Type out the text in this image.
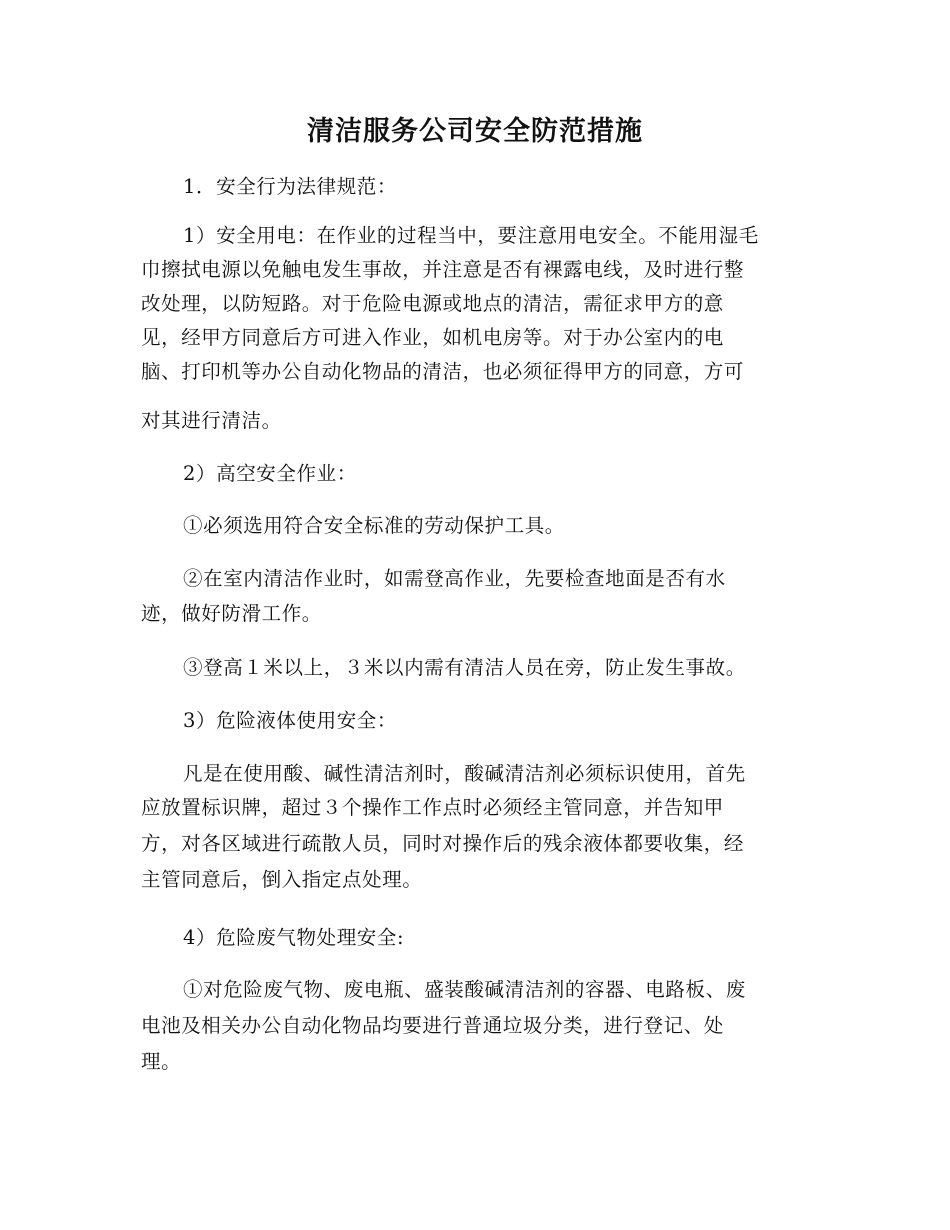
清洁服务公司安全防范措施

1．安全行为法律规范：

1）安全用电：在作业的过程当中，要注意用电安全。不能用湿毛

巾擦拭电源以免触电发生事故，并注意是否有裸露电线，及时进行整

改处理，以防短路。对于危险电源或地点的清洁，需征求甲方的意

见，经甲方同意后方可进入作业，如机电房等。对于办公室内的电

脑、打印机等办公自动化物品的清洁，也必须征得甲方的同意，方可

对其进行清洁。

2）高空安全作业：

①必须选用符合安全标准的劳动保护工具。

②在室内清洁作业时，如需登高作业，先要检查地面是否有水

迹，做好防滑工作。

③登高１米以上，３米以内需有清洁人员在旁，防止发生事故。

3）危险液体使用安全：

凡是在使用酸、碱性清洁剂时，酸碱清洁剂必须标识使用，首先

应放置标识牌，超过３个操作工作点时必须经主管同意，并告知甲

方，对各区域进行疏散人员，同时对操作后的残余液体都要收集，经

主管同意后，倒入指定点处理。

4）危险废气物处理安全:

①对危险废气物、废电瓶、盛装酸碱清洁剂的容器、电路板、废

电池及相关办公自动化物品均要进行普通垃圾分类，进行登记、处

理。
